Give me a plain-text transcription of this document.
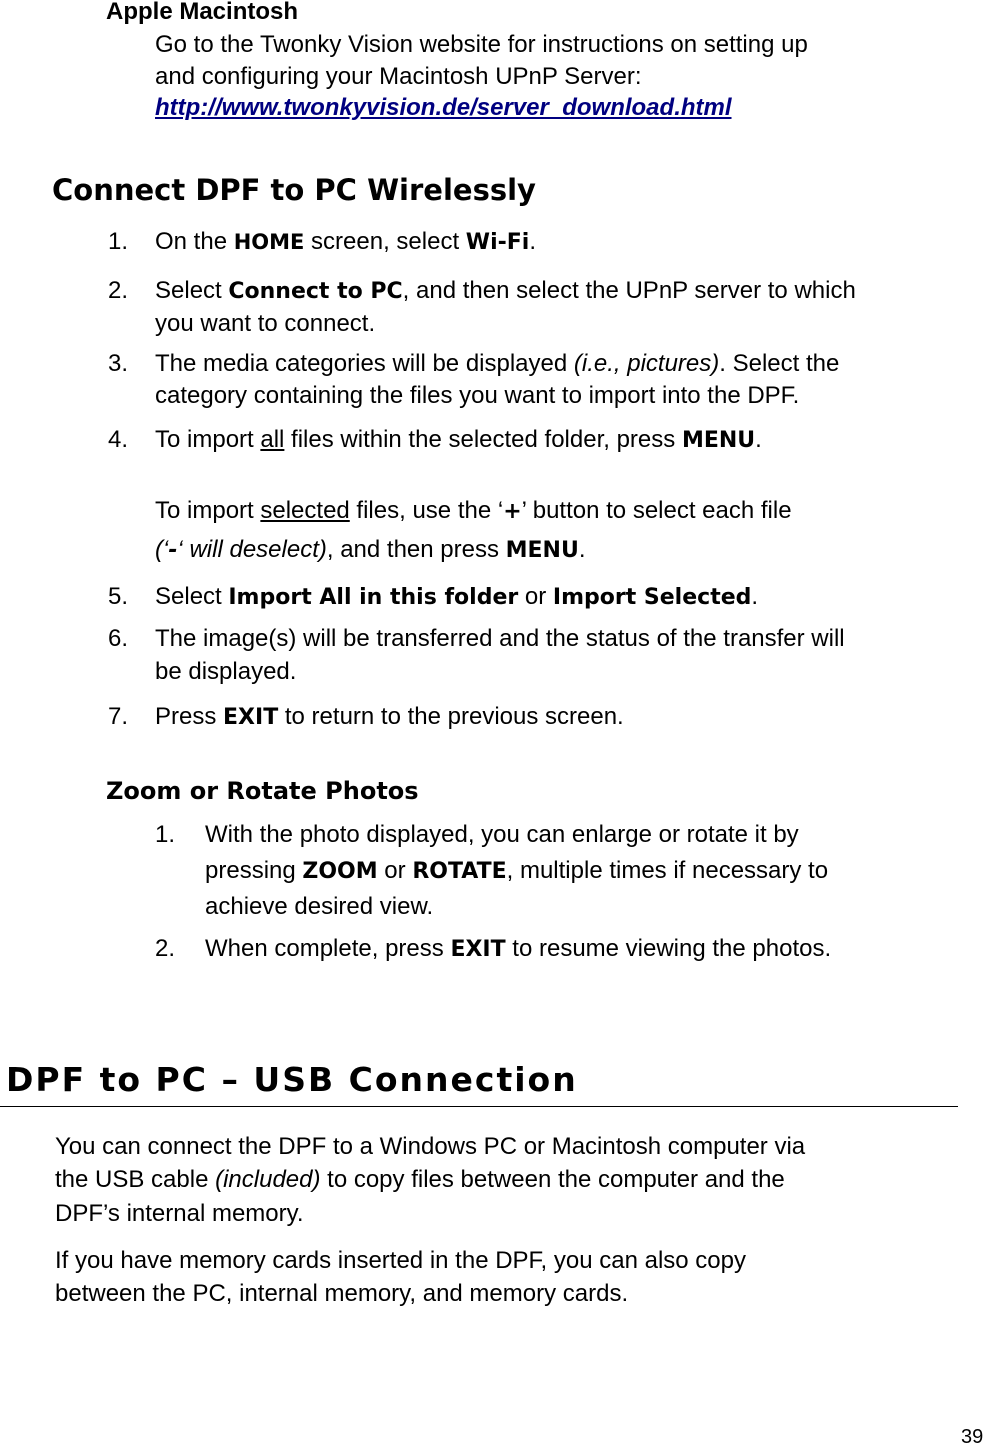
Apple Macintosh
Go to the Twonky Vision website for instructions on setting up
and configuring your Macintosh UPnP Server:
http://www.twonkyvision.de/server_download.html
Connect DPF to PC Wirelessly
1. On the HOME screen, select Wi-Fi.
2. Select Connect to PC, and then select the UPnP server to which
you want to connect.
3. The media categories will be displayed (i.e., pictures). Select the
category containing the files you want to import into the DPF.
4. To import all files within the selected folder, press MENU.
To import selected files, use the ‘+’ button to select each file
(‘-‘ will deselect), and then press MENU.
5. Select Import All in this folder or Import Selected.
6. The image(s) will be transferred and the status of the transfer will
be displayed.
7. Press EXIT to return to the previous screen.
Zoom or Rotate Photos
1. With the photo displayed, you can enlarge or rotate it by
pressing ZOOM or ROTATE, multiple times if necessary to
achieve desired view.
2. When complete, press EXIT to resume viewing the photos.
DPF to PC – USB Connection
You can connect the DPF to a Windows PC or Macintosh computer via
the USB cable (included) to copy files between the computer and the
DPF’s internal memory.
If you have memory cards inserted in the DPF, you can also copy
between the PC, internal memory, and memory cards.
39
